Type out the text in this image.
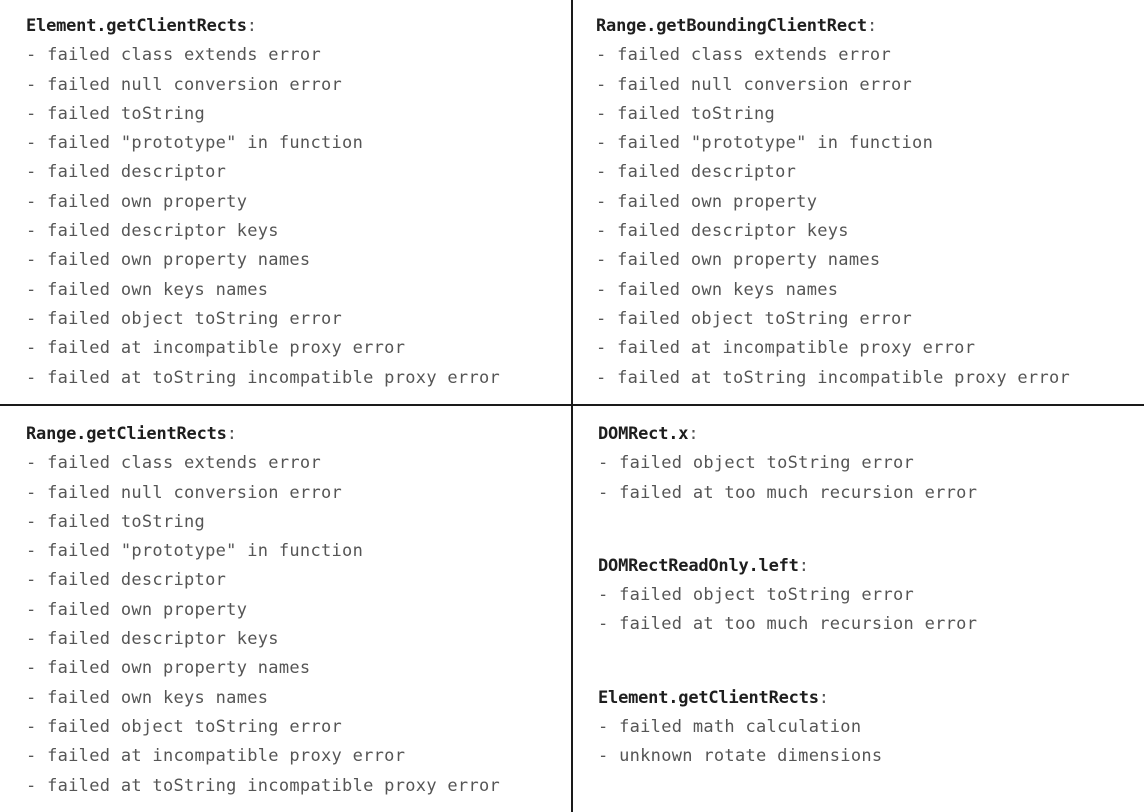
Element.getClientRects:
- failed class extends error
- failed null conversion error
- failed toString
- failed "prototype" in function
- failed descriptor
- failed own property
- failed descriptor keys
- failed own property names
- failed own keys names
- failed object toString error
- failed at incompatible proxy error
- failed at toString incompatible proxy error
Range.getBoundingClientRect:
- failed class extends error
- failed null conversion error
- failed toString
- failed "prototype" in function
- failed descriptor
- failed own property
- failed descriptor keys
- failed own property names
- failed own keys names
- failed object toString error
- failed at incompatible proxy error
- failed at toString incompatible proxy error
Range.getClientRects:
- failed class extends error
- failed null conversion error
- failed toString
- failed "prototype" in function
- failed descriptor
- failed own property
- failed descriptor keys
- failed own property names
- failed own keys names
- failed object toString error
- failed at incompatible proxy error
- failed at toString incompatible proxy error
DOMRect.x:
- failed object toString error
- failed at too much recursion error
DOMRectReadOnly.left:
- failed object toString error
- failed at too much recursion error
Element.getClientRects:
- failed math calculation
- unknown rotate dimensions
